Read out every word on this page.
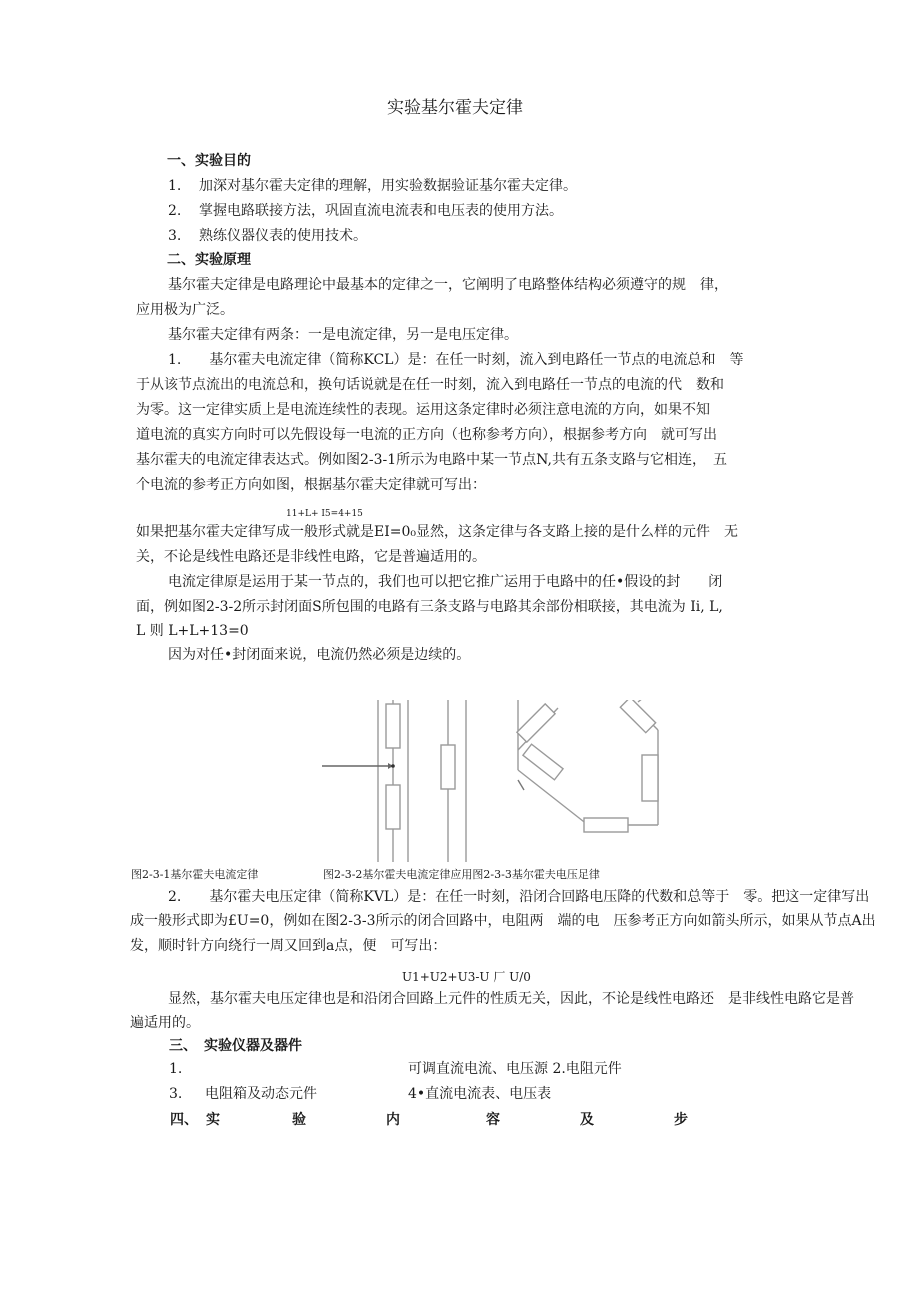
实验基尔霍夫定律
一、实验目的
1. 加深对基尔霍夫定律的理解，用实验数据验证基尔霍夫定律。
2. 掌握电路联接方法，巩固直流电流表和电压表的使用方法。
3. 熟练仪器仪表的使用技术。
二、实验原理
基尔霍夫定律是电路理论中最基本的定律之一，它阐明了电路整体结构必须遵守的规　律，
应用极为广泛。
基尔霍夫定律有两条：一是电流定律，另一是电压定律。
1.　　基尔霍夫电流定律（简称KCL）是：在任一时刻，流入到电路任一节点的电流总和　等
于从该节点流出的电流总和，换句话说就是在任一时刻，流入到电路任一节点的电流的代　数和
为零。这一定律实质上是电流连续性的表现。运用这条定律时必须注意电流的方向，如果不知
道电流的真实方向时可以先假设每一电流的正方向（也称参考方向），根据参考方向　就可写出
基尔霍夫的电流定律表达式。例如图2-3-1所示为电路中某一节点N,共有五条支路与它相连，　五
个电流的参考正方向如图，根据基尔霍夫定律就可写出：
11+L+ I5=4+15
如果把基尔霍夫定律写成一般形式就是EI=0₀显然，这条定律与各支路上接的是什么样的元件　无
关，不论是线性电路还是非线性电路，它是普遍适用的。
电流定律原是运用于某一节点的，我们也可以把它推广运用于电路中的任•假设的封　　闭
面，例如图2-3-2所示封闭面S所包围的电路有三条支路与电路其余部份相联接，其电流为 Ii, L,
L 则 L+L+13=0
因为对任•封闭面来说，电流仍然必须是边续的。
图2-3-1基尔霍夫电流定律	图2-3-2基尔霍夫电流定律应用图2-3-3基尔霍夫电压足律
2.　　基尔霍夫电压定律（简称KVL）是：在任一时刻，沿闭合回路电压降的代数和总等于　零。把这一定律写出
成一般形式即为£U=0，例如在图2-3-3所示的闭合回路中，电阻两　端的电　压参考正方向如箭头所示，如果从节点A出
发，顺时针方向绕行一周又回到a点，便　可写出：
U1+U2+U3-U 厂 U/0
显然，基尔霍夫电压定律也是和沿闭合回路上元件的性质无关，因此，不论是线性电路还　是非线性电路它是普
遍适用的。
三、　实验仪器及器件
1.	可调直流电流、电压源 2.电阻元件
3. 电阻箱及动态元件	4•直流电流表、电压表
四、 实	验	内	容	及	步
